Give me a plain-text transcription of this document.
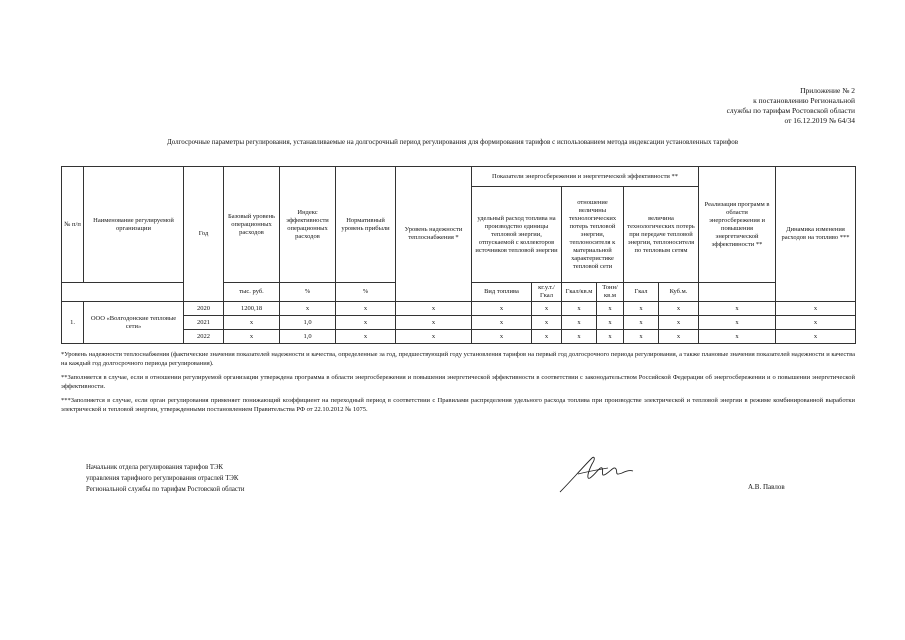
Приложение № 2
к постановлению Региональной
службы по тарифам Ростовской области
от 16.12.2019 № 64/34
Долгосрочные параметры регулирования, устанавливаемые на долгосрочный период регулирования для формирования тарифов с использованием метода индексации установленных тарифов
№ п/п	Наименование регулируемой организации	Год	Базовый уровень операционных расходов	Индекс эффективности операционных расходов	Нормативный уровень прибыли	Уровень надежности теплоснабжения *	Показатели энергосбережения и энергетической эффективности **						Реализация программ в области энергосбережения и повышения энергетической эффективности **	Динамика изменения расходов на топливо ***
							удельный расход топлива на производство единицы тепловой энергии, отпускаемой с коллекторов источников тепловой энергии		отношение величины технологических потерь тепловой энергии, теплоносителя к материальной характеристике тепловой сети		величина технологических потерь при передаче тепловой энергии, теплоносителя по тепловым сетям			

			тыс. руб.	%	%		Вид топлива	кг.у.т./Гкал	Гкал/кв.м	Тонн/кв.м	Гкал	Куб.м.		
1.	ООО «Волгодонские тепловые сети»	2020	1200,18	x	x	x	x	x	x	x	x	x	x	x
		2021	x	1,0	x	x	x	x	x	x	x	x	x	x
		2022	x	1,0	x	x	x	x	x	x	x	x	x	x

*Уровень надежности теплоснабжения (фактические значения показателей надежности и качества, определенные за год, предшествующий году установления тарифов на первый год долгосрочного периода регулирования, а также плановые значения показателей надежности и качества на каждый год долгосрочного периода регулирования).

**Заполняется в случае, если в отношении регулируемой организации утверждена программа в области энергосбережения и повышения энергетической эффективности в соответствии с законодательством Российской Федерации об энергосбережении и о повышении энергетической эффективности.

***Заполняется в случае, если орган регулирования применяет понижающий коэффициент на переходный период в соответствии с Правилами распределения удельного расхода топлива при производстве электрической и тепловой энергии в режиме комбинированной выработки электрической и тепловой энергии, утвержденными постановлением Правительства РФ от 22.10.2012 № 1075.

Начальник отдела регулирования тарифов ТЭК
управления тарифного регулирования отраслей ТЭК
Региональной службы по тарифам Ростовской области	А.В. Павлов
